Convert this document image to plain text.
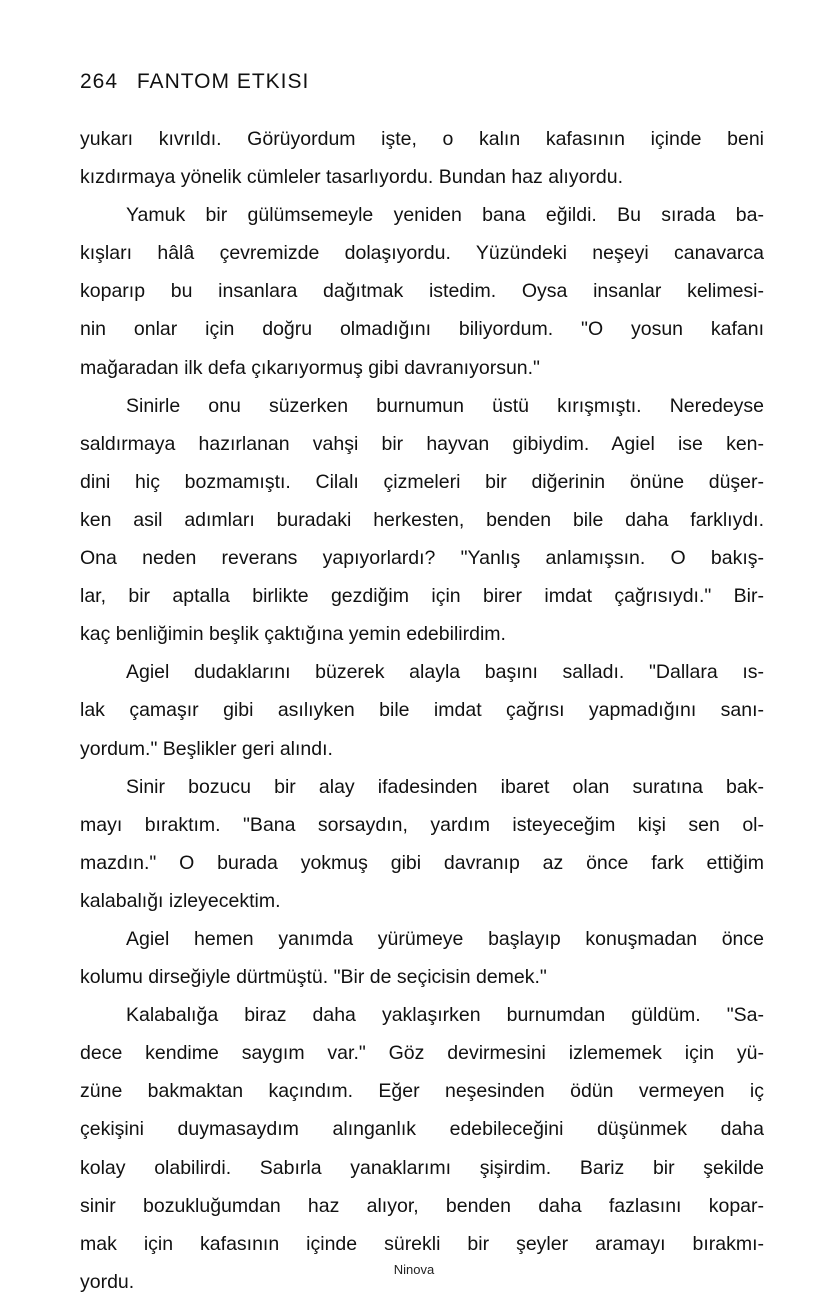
264 FANTOM ETKISI
yukarı kıvrıldı. Görüyordum işte, o kalın kafasının içinde beni
kızdırmaya yönelik cümleler tasarlıyordu. Bundan haz alıyordu.
Yamuk bir gülümsemeyle yeniden bana eğildi. Bu sırada ba-
kışları hâlâ çevremizde dolaşıyordu. Yüzündeki neşeyi canavarca
koparıp bu insanlara dağıtmak istedim. Oysa insanlar kelimesi-
nin onlar için doğru olmadığını biliyordum. "O yosun kafanı
mağaradan ilk defa çıkarıyormuş gibi davranıyorsun."
Sinirle onu süzerken burnumun üstü kırışmıştı. Neredeyse
saldırmaya hazırlanan vahşi bir hayvan gibiydim. Agiel ise ken-
dini hiç bozmamıştı. Cilalı çizmeleri bir diğerinin önüne düşer-
ken asil adımları buradaki herkesten, benden bile daha farklıydı.
Ona neden reverans yapıyorlardı? "Yanlış anlamışsın. O bakış-
lar, bir aptalla birlikte gezdiğim için birer imdat çağrısıydı." Bir-
kaç benliğimin beşlik çaktığına yemin edebilirdim.
Agiel dudaklarını büzerek alayla başını salladı. "Dallara ıs-
lak çamaşır gibi asılıyken bile imdat çağrısı yapmadığını sanı-
yordum." Beşlikler geri alındı.
Sinir bozucu bir alay ifadesinden ibaret olan suratına bak-
mayı bıraktım. "Bana sorsaydın, yardım isteyeceğim kişi sen ol-
mazdın." O burada yokmuş gibi davranıp az önce fark ettiğim
kalabalığı izleyecektim.
Agiel hemen yanımda yürümeye başlayıp konuşmadan önce
kolumu dirseğiyle dürtmüştü. "Bir de seçicisin demek."
Kalabalığa biraz daha yaklaşırken burnumdan güldüm. "Sa-
dece kendime saygım var." Göz devirmesini izlememek için yü-
züne bakmaktan kaçındım. Eğer neşesinden ödün vermeyen iç
çekişini duymasaydım alınganlık edebileceğini düşünmek daha
kolay olabilirdi. Sabırla yanaklarımı şişirdim. Bariz bir şekilde
sinir bozukluğumdan haz alıyor, benden daha fazlasını kopar-
mak için kafasının içinde sürekli bir şeyler aramayı bırakmı-
yordu.
Ninova
